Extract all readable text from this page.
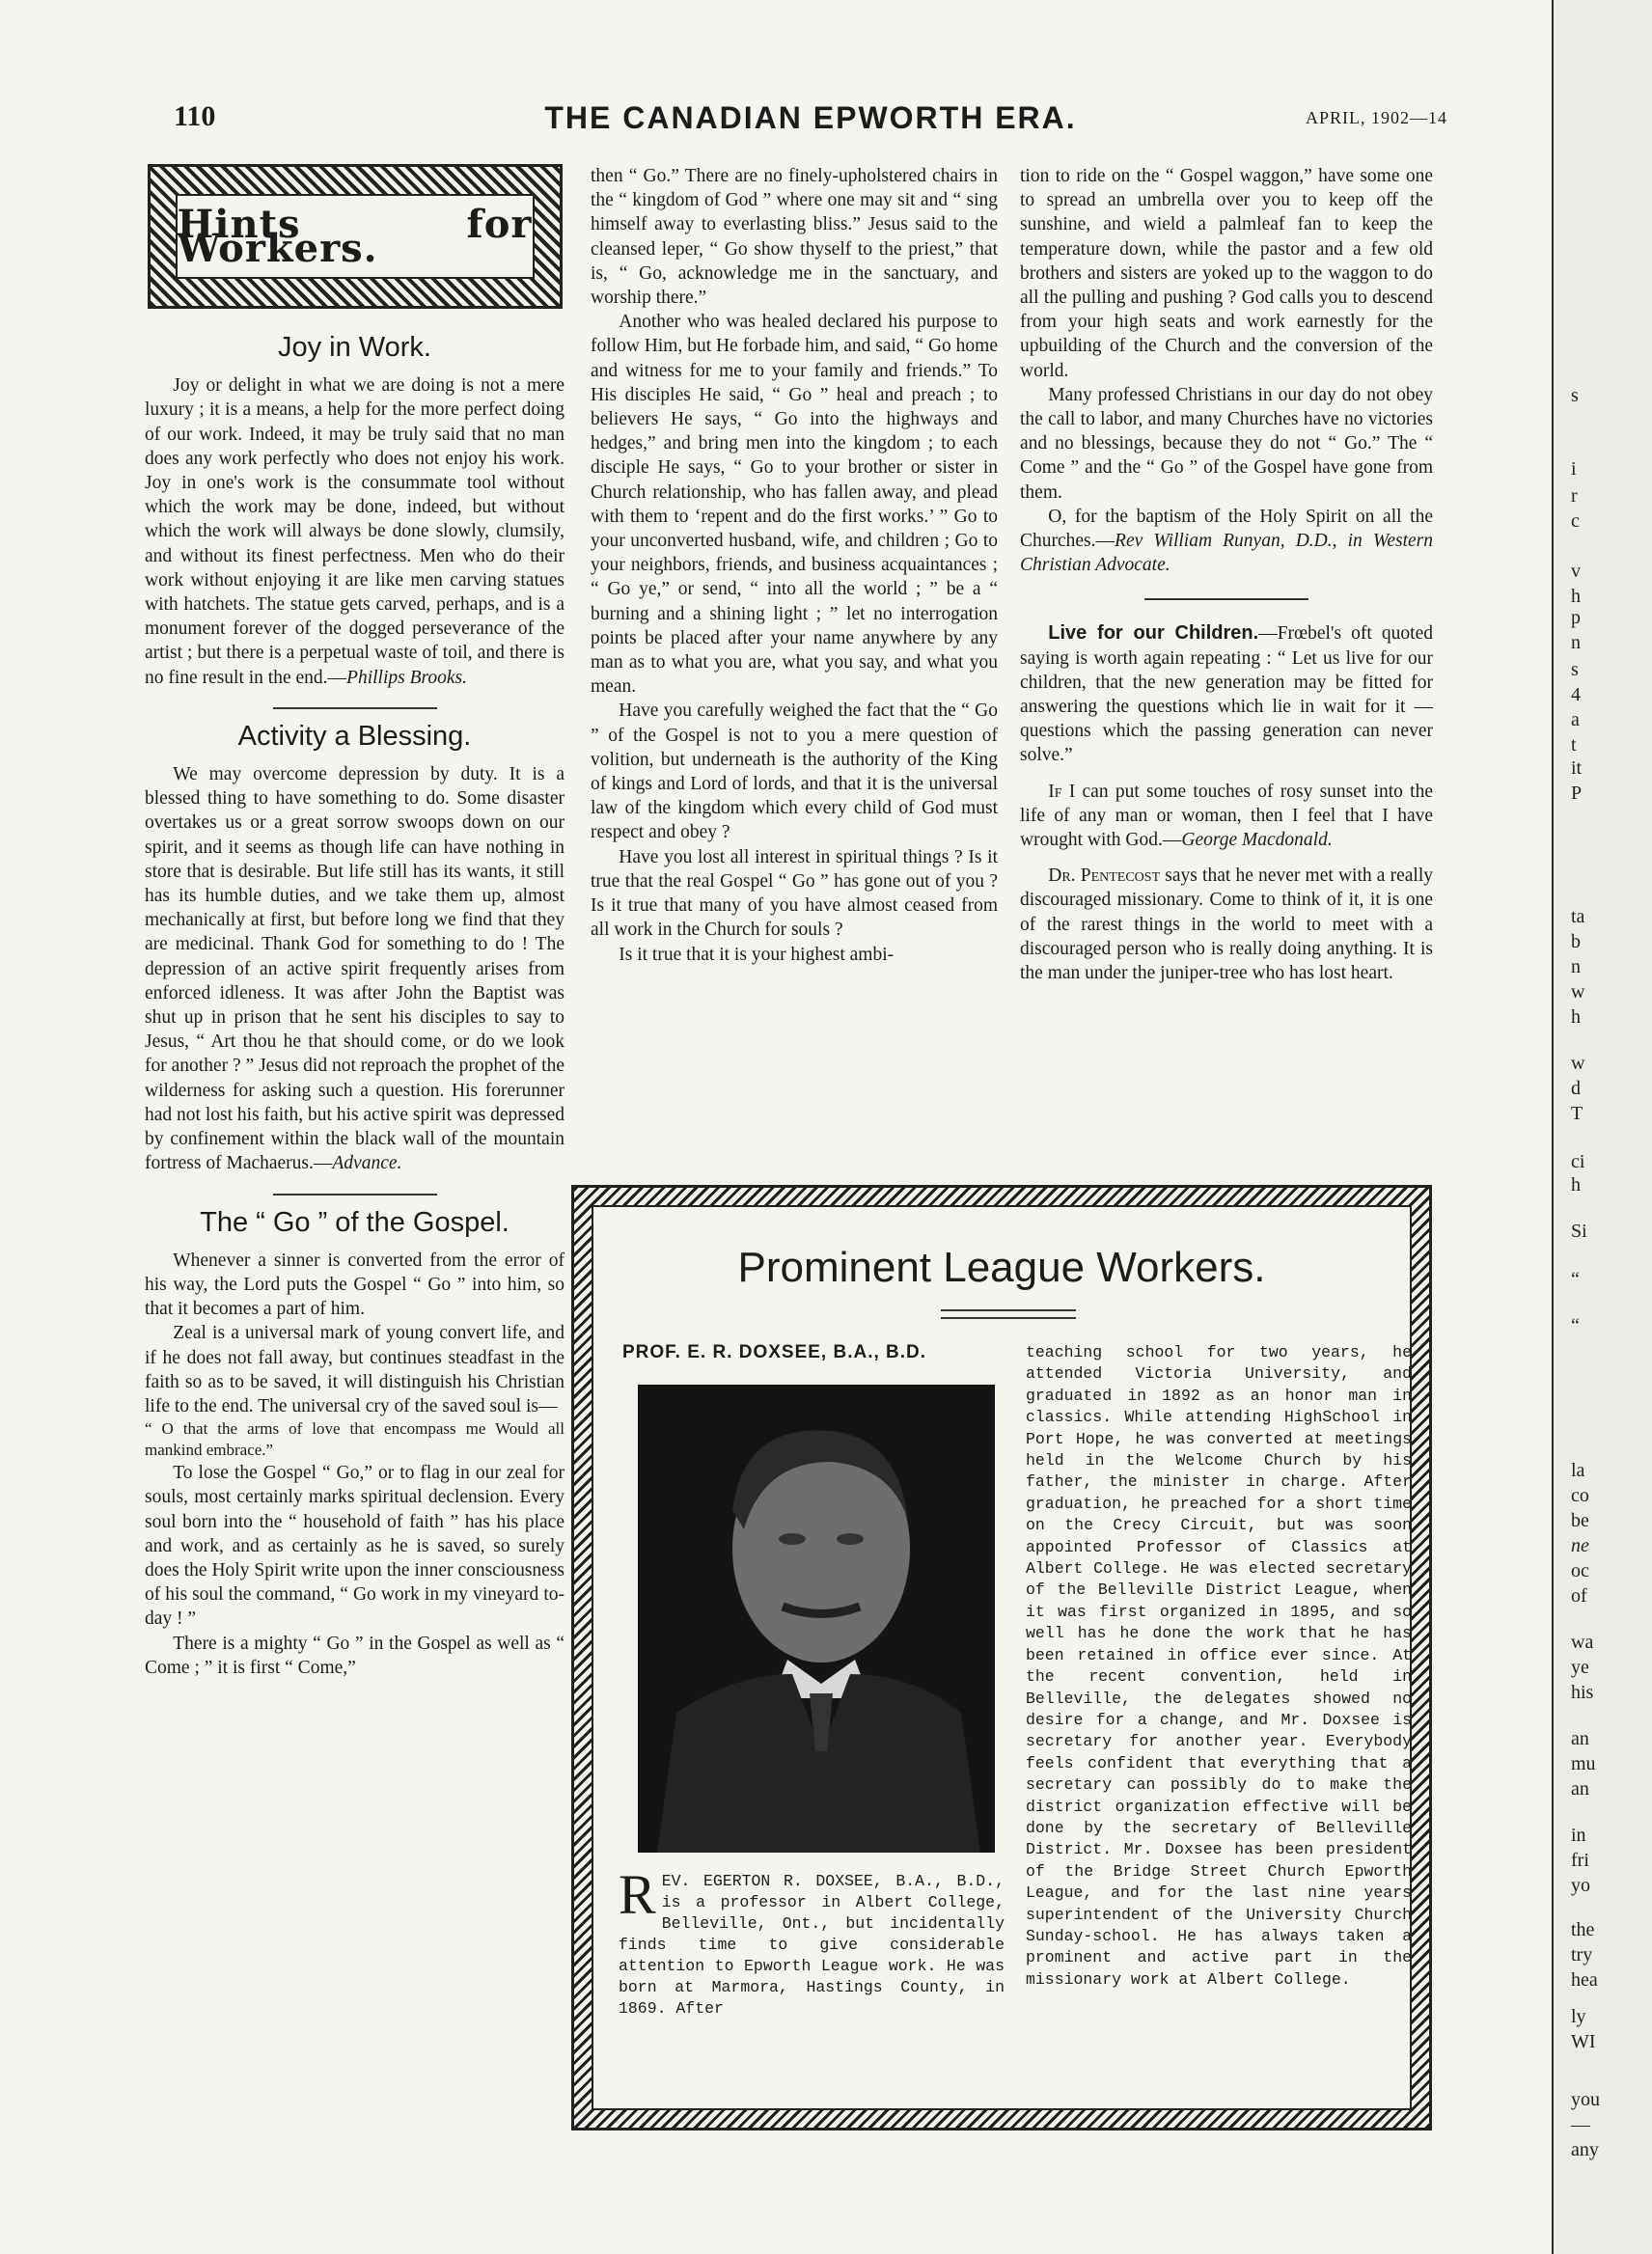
s
i
r
c
v
h
p
n
s
4
a
t
it
P
ta
b
n
w
h
w
d
T
ci
h
Si
“
“
la
co
be
ne
oc
of
wa
ye
his
an
mu
an
in
fri
yo
the
try
hea
ly
WI
you
—
any
110	THE CANADIAN EPWORTH ERA.	APRIL, 1902—14
Hints for Workers.
Joy in Work.

Joy or delight in what we are doing is not a mere luxury ; it is a means, a help for the more perfect doing of our work. Indeed, it may be truly said that no man does any work perfectly who does not enjoy his work. Joy in one's work is the consummate tool without which the work may be done, indeed, but without which the work will always be done slowly, clumsily, and without its finest perfectness. Men who do their work without enjoying it are like men carving statues with hatchets. The statue gets carved, perhaps, and is a monument forever of the dogged perseverance of the artist ; but there is a perpetual waste of toil, and there is no fine result in the end.—Phillips Brooks.

Activity a Blessing.

We may overcome depression by duty. It is a blessed thing to have something to do. Some disaster overtakes us or a great sorrow swoops down on our spirit, and it seems as though life can have nothing in store that is desirable. But life still has its wants, it still has its humble duties, and we take them up, almost mechanically at first, but before long we find that they are medicinal. Thank God for something to do ! The depression of an active spirit frequently arises from enforced idleness. It was after John the Baptist was shut up in prison that he sent his disciples to say to Jesus, “ Art thou he that should come, or do we look for another ? ” Jesus did not reproach the prophet of the wilderness for asking such a question. His forerunner had not lost his faith, but his active spirit was depressed by confinement within the black wall of the mountain fortress of Machaerus.—Advance.

The “ Go ” of the Gospel.

Whenever a sinner is converted from the error of his way, the Lord puts the Gospel “ Go ” into him, so that it becomes a part of him.

Zeal is a universal mark of young convert life, and if he does not fall away, but continues steadfast in the faith so as to be saved, it will distinguish his Christian life to the end. The universal cry of the saved soul is—

“ O that the arms of love that encompass me Would all mankind embrace.”

To lose the Gospel “ Go,” or to flag in our zeal for souls, most certainly marks spiritual declension. Every soul born into the “ household of faith ” has his place and work, and as certainly as he is saved, so surely does the Holy Spirit write upon the inner consciousness of his soul the command, “ Go work in my vineyard to-day ! ”

There is a mighty “ Go ” in the Gospel as well as “ Come ; ” it is first “ Come,”

then “ Go.” There are no finely-upholstered chairs in the “ kingdom of God ” where one may sit and “ sing himself away to everlasting bliss.” Jesus said to the cleansed leper, “ Go show thyself to the priest,” that is, “ Go, acknowledge me in the sanctuary, and worship there.”

Another who was healed declared his purpose to follow Him, but He forbade him, and said, “ Go home and witness for me to your family and friends.” To His disciples He said, “ Go ” heal and preach ; to believers He says, “ Go into the highways and hedges,” and bring men into the kingdom ; to each disciple He says, “ Go to your brother or sister in Church relationship, who has fallen away, and plead with them to ‘repent and do the first works.’ ” Go to your unconverted husband, wife, and children ; Go to your neighbors, friends, and business acquaintances ; “ Go ye,” or send, “ into all the world ; ” be a “ burning and a shining light ; ” let no interrogation points be placed after your name anywhere by any man as to what you are, what you say, and what you mean.

Have you carefully weighed the fact that the “ Go ” of the Gospel is not to you a mere question of volition, but underneath is the authority of the King of kings and Lord of lords, and that it is the universal law of the kingdom which every child of God must respect and obey ?

Have you lost all interest in spiritual things ? Is it true that the real Gospel “ Go ” has gone out of you ? Is it true that many of you have almost ceased from all work in the Church for souls ?

Is it true that it is your highest ambi-

tion to ride on the “ Gospel waggon,” have some one to spread an umbrella over you to keep off the sunshine, and wield a palmleaf fan to keep the temperature down, while the pastor and a few old brothers and sisters are yoked up to the waggon to do all the pulling and pushing ? God calls you to descend from your high seats and work earnestly for the upbuilding of the Church and the conversion of the world.

Many professed Christians in our day do not obey the call to labor, and many Churches have no victories and no blessings, because they do not “ Go.” The “ Come ” and the “ Go ” of the Gospel have gone from them.

O, for the baptism of the Holy Spirit on all the Churches.—Rev William Runyan, D.D., in Western Christian Advocate.

Live for our Children.—Frœbel's oft quoted saying is worth again repeating : “ Let us live for our children, that the new generation may be fitted for answering the questions which lie in wait for it —questions which the passing generation can never solve.”

If I can put some touches of rosy sunset into the life of any man or woman, then I feel that I have wrought with God.—George Macdonald.

Dr. Pentecost says that he never met with a really discouraged missionary. Come to think of it, it is one of the rarest things in the world to meet with a discouraged person who is really doing anything. It is the man under the juniper-tree who has lost heart.

Prominent League Workers.
PROF. E. R. DOXSEE, B.A., B.D.
REV. EGERTON R. DOXSEE, B.A., B.D., is a professor in Albert College, Belleville, Ont., but incidentally finds time to give considerable attention to Epworth League work. He was born at Marmora, Hastings County, in 1869. After
teaching school for two years, he attended Victoria University, and graduated in 1892 as an honor man in classics. While attending HighSchool in Port Hope, he was converted at meetings held in the Welcome Church by his father, the minister in charge. After graduation, he preached for a short time on the Crecy Circuit, but was soon appointed Professor of Classics at Albert College. He was elected secretary of the Belleville District League, when it was first organized in 1895, and so well has he done the work that he has been retained in office ever since. At the recent convention, held in Belleville, the delegates showed no desire for a change, and Mr. Doxsee is secretary for another year. Everybody feels confident that everything that a secretary can possibly do to make the district organization effective will be done by the secretary of Belleville District. Mr. Doxsee has been president of the Bridge Street Church Epworth League, and for the last nine years superintendent of the University Church Sunday-school. He has always taken a prominent and active part in the missionary work at Albert College.
